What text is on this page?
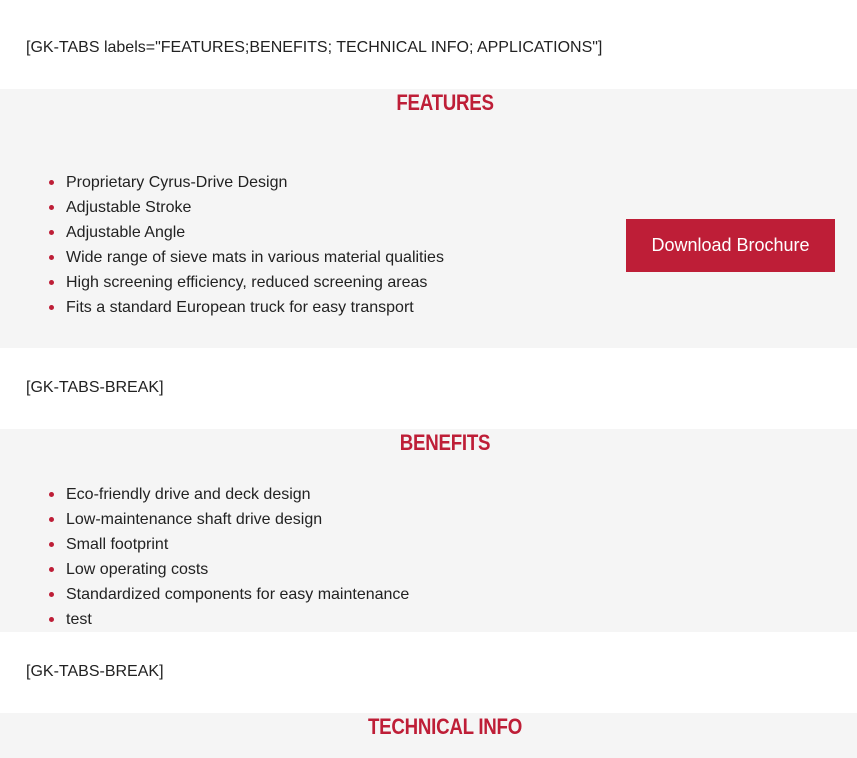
[GK-TABS labels="FEATURES;BENEFITS; TECHNICAL INFO; APPLICATIONS"]

FEATURES
Proprietary Cyrus-Drive Design
Adjustable Stroke
Adjustable Angle
Wide range of sieve mats in various material qualities
High screening efficiency, reduced screening areas
Fits a standard European truck for easy transport
Download Brochure

[GK-TABS-BREAK]

BENEFITS
Eco-friendly drive and deck design
Low-maintenance shaft drive design
Small footprint
Low operating costs
Standardized components for easy maintenance
test

[GK-TABS-BREAK]

TECHNICAL INFO
